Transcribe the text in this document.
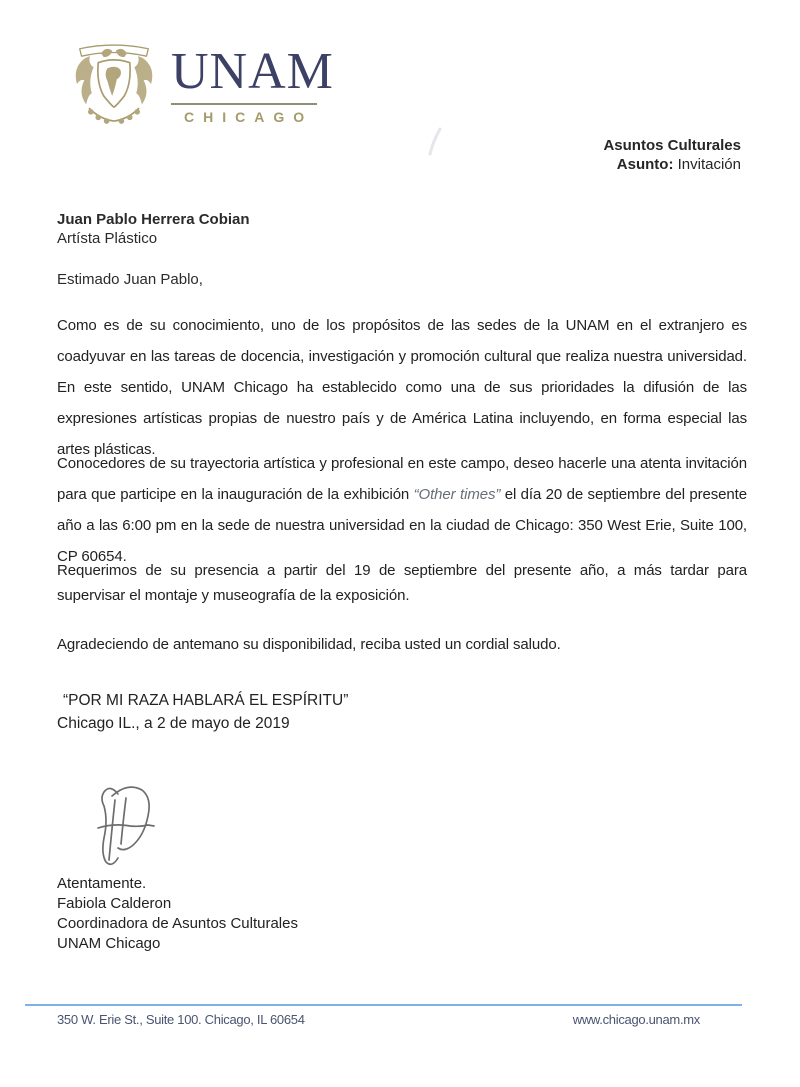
UNAM
CHICAGO
Asuntos Culturales
Asunto: Invitación
Juan Pablo Herrera Cobian
Artísta Plástico
Estimado Juan Pablo,

Como es de su conocimiento, uno de los propósitos de las sedes de la UNAM en el extranjero es coadyuvar en las tareas de docencia, investigación y promoción cultural que realiza nuestra universidad. En este sentido, UNAM Chicago ha establecido como una de sus prioridades la difusión de las expresiones artísticas propias de nuestro país y de América Latina incluyendo, en forma especial las artes plásticas.

Conocedores de su trayectoria artística y profesional en este campo, deseo hacerle una atenta invitación para que participe en la inauguración de la exhibición “Other times” el día 20 de septiembre del presente año a las 6:00 pm en la sede de nuestra universidad en la ciudad de Chicago: 350 West Erie, Suite 100, CP 60654.

Requerimos de su presencia a partir del 19 de septiembre del presente año, a más tardar para supervisar el montaje y museografía de la exposición.

Agradeciendo de antemano su disponibilidad, reciba usted un cordial saludo.

“POR MI RAZA HABLARÁ EL ESPÍRITU”
Chicago IL., a 2 de mayo de 2019
Atentamente.
Fabiola Calderon
Coordinadora de Asuntos Culturales
UNAM Chicago
350 W. Erie St., Suite 100. Chicago, IL 60654	www.chicago.unam.mx
